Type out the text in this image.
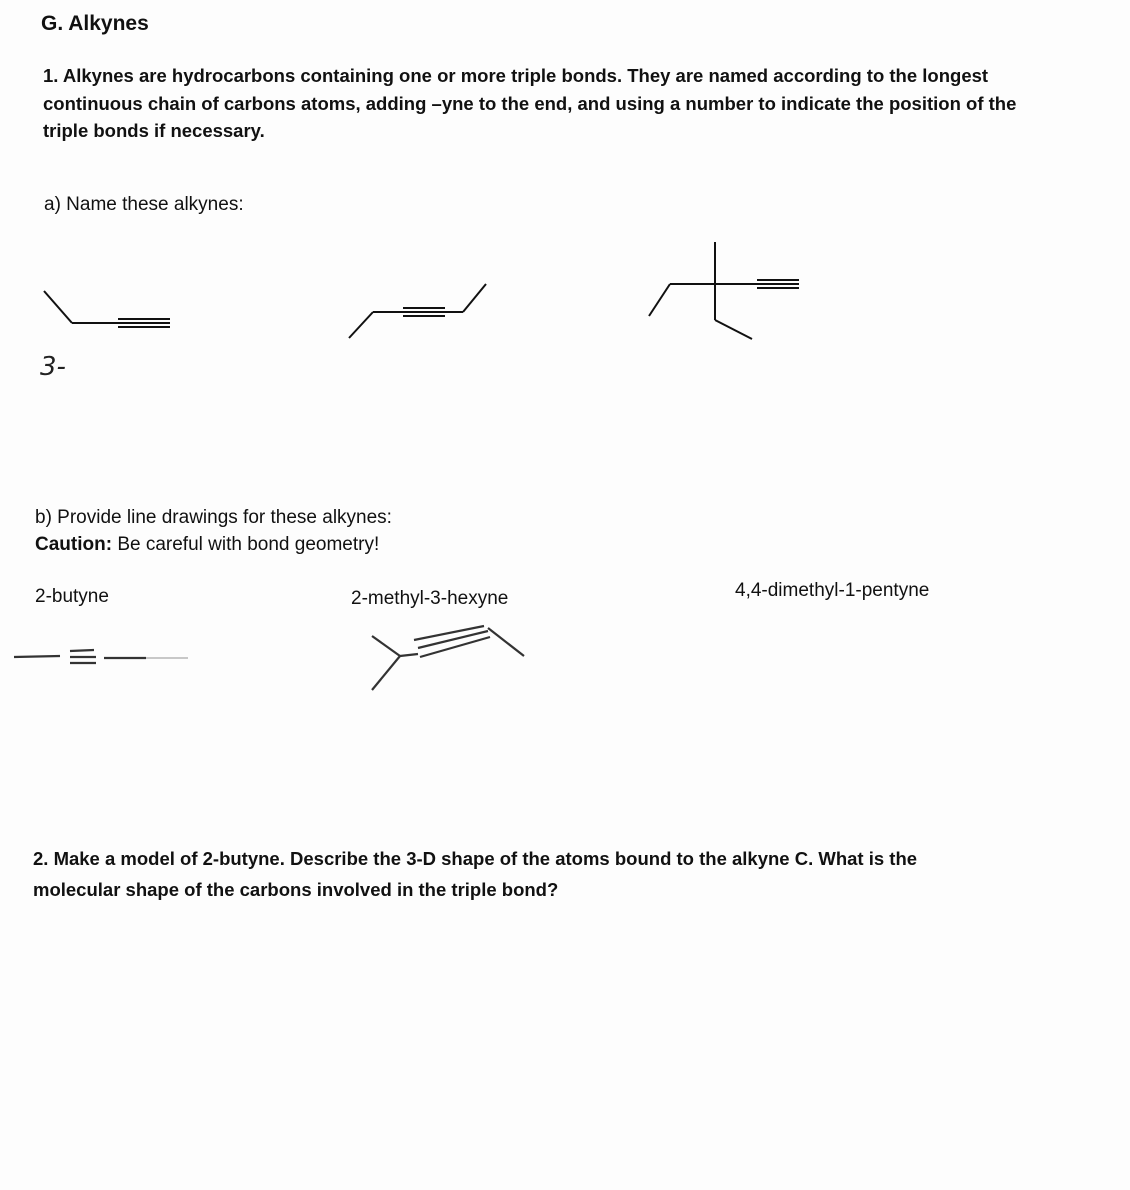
G. Alkynes

1. Alkynes are hydrocarbons containing one or more triple bonds. They are named according to the longest

continuous chain of carbons atoms, adding –yne to the end, and using a number to indicate the position of the

triple bonds if necessary.

a) Name these alkynes:

3-

b) Provide line drawings for these alkynes:

Caution: Be careful with bond geometry!

2-butyne	2-methyl-3-hexyne	4,4-dimethyl-1-pentyne

2. Make a model of 2-butyne. Describe the 3-D shape of the atoms bound to the alkyne C. What is the

molecular shape of the carbons involved in the triple bond?
